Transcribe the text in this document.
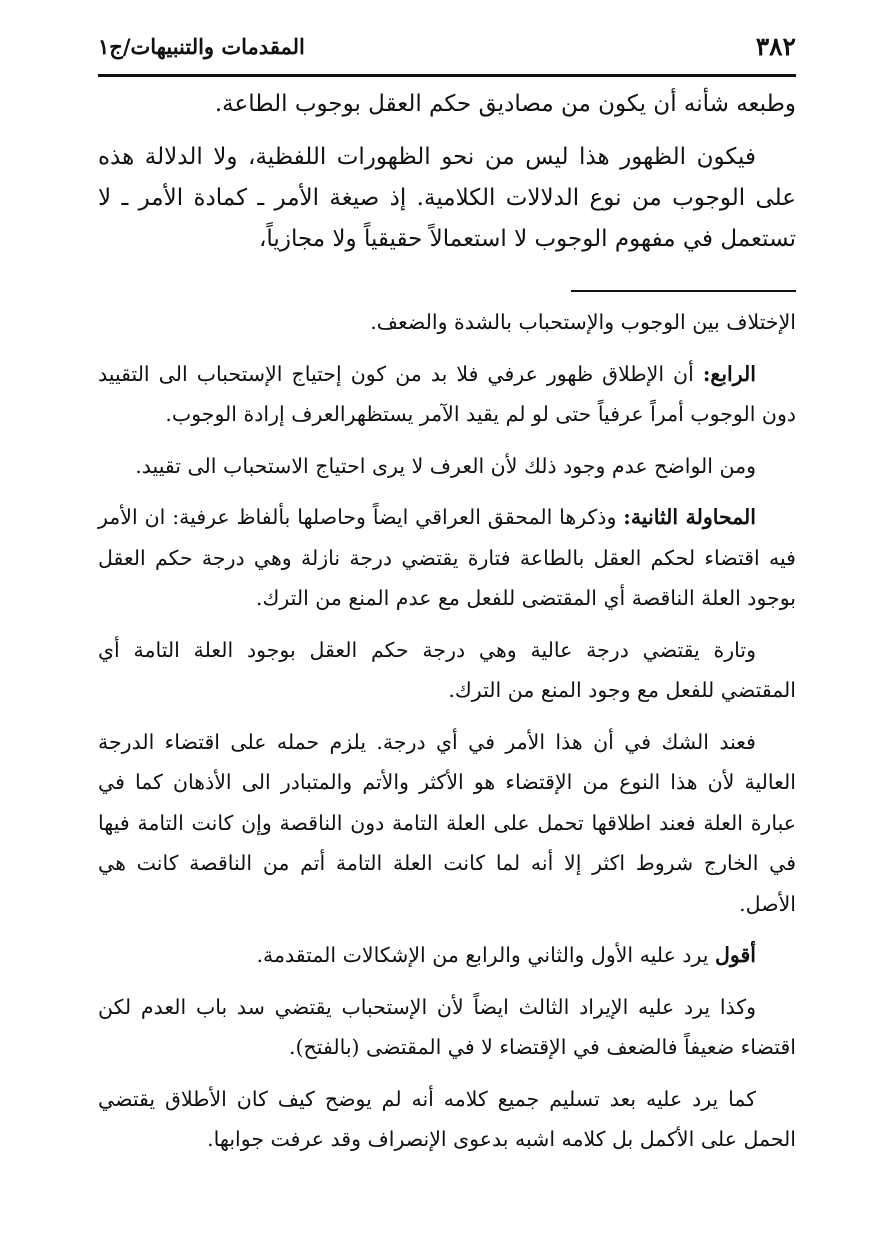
٣٨٢
المقدمات والتنبيهات/ج١

وطبعه شأنه أن يكون من مصاديق حكم العقل بوجوب الطاعة.

فيكون الظهور هذا ليس من نحو الظهورات اللفظية، ولا الدلالة هذه على الوجوب من نوع الدلالات الكلامية. إذ صيغة الأمر ـ كمادة الأمر ـ لا تستعمل في مفهوم الوجوب لا استعمالاً حقيقياً ولا مجازياً،

الإختلاف بين الوجوب والإستحباب بالشدة والضعف.

الرابع: أن الإطلاق ظهور عرفي فلا بد من كون إحتياج الإستحباب الى التقييد دون الوجوب أمراً عرفياً حتى لو لم يقيد الآمر يستظهرالعرف إرادة الوجوب.

ومن الواضح عدم وجود ذلك لأن العرف لا يرى احتياج الاستحباب الى تقييد.

المحاولة الثانية: وذكرها المحقق العراقي ايضاً وحاصلها بألفاظ عرفية: ان الأمر فيه اقتضاء لحكم العقل بالطاعة فتارة يقتضي درجة نازلة وهي درجة حكم العقل بوجود العلة الناقصة أي المقتضى للفعل مع عدم المنع من الترك.

وتارة يقتضي درجة عالية وهي درجة حكم العقل بوجود العلة التامة أي المقتضي للفعل مع وجود المنع من الترك.

فعند الشك في أن هذا الأمر في أي درجة. يلزم حمله على اقتضاء الدرجة العالية لأن هذا النوع من الإقتضاء هو الأكثر والأتم والمتبادر الى الأذهان كما في عبارة العلة فعند اطلاقها تحمل على العلة التامة دون الناقصة وإن كانت التامة فيها في الخارج شروط اكثر إلا أنه لما كانت العلة التامة أتم من الناقصة كانت هي الأصل.

أقول يرد عليه الأول والثاني والرابع من الإشكالات المتقدمة.

وكذا يرد عليه الإيراد الثالث ايضاً لأن الإستحباب يقتضي سد باب العدم لكن اقتضاء ضعيفاً فالضعف في الإقتضاء لا في المقتضى (بالفتح).

كما يرد عليه بعد تسليم جميع كلامه أنه لم يوضح كيف كان الأطلاق يقتضي الحمل على الأكمل بل كلامه اشبه بدعوى الإنصراف وقد عرفت جوابها.
